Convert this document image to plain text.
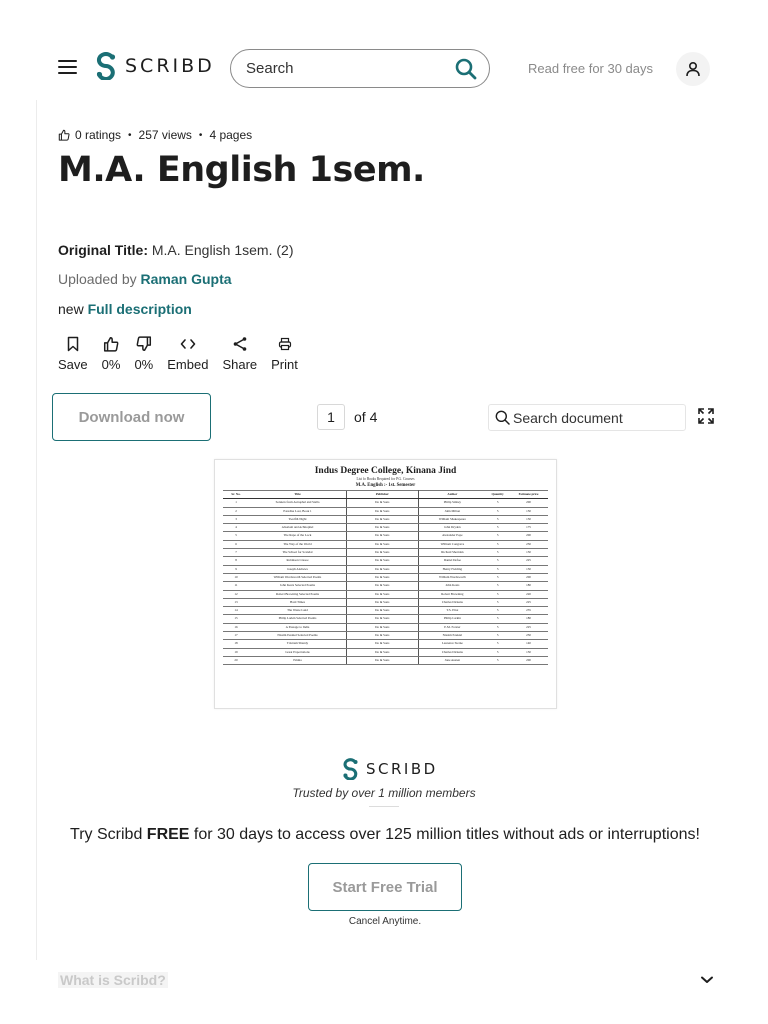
SCRIBD
Search	Read free for 30 days
0 ratings • 257 views • 4 pages
M.A. English 1sem.
Original Title: M.A. English 1sem. (2)
Uploaded by Raman Gupta
new Full description
Save 0% 0% Embed Share Print
Download now	1	of 4
Search document
Indus Degree College, Kinana Jind
List fo Books Required for P.G. Courses
M.A. English :- 1st. Semester
Sr. No.	Title	Publisher	Author	Quantity	Estimate price
1	Sonnets from Astrophel and Stella	Do & Sons	Philip Sidney	5	200
2	Paradise Lost, Book 1	Do & Sons	John Milton	5	150
3	Twelfth Night	Do & Sons	William Shakespeare	5	150
4	Absalom and Achitophel	Do & Sons	John Dryden	5	175
5	The Rape of the Lock	Do & Sons	Alexander Pope	5	200
6	The Way of the World	Do & Sons	William Congreve	5	250
7	The School for Scandal	Do & Sons	Richard Sheridan	5	150
8	Robinson Crusoe	Do & Sons	Daniel Defoe	5	225
9	Joseph Andrews	Do & Sons	Henry Fielding	5	150
10	William Wordsworth Selected Poems	Do & Sons	William Wordsworth	5	200
11	John Keats Selected Poems	Do & Sons	John Keats	5	180
12	Robert Browning Selected Poems	Do & Sons	Robert Browning	5	220
13	Hard Times	Do & Sons	Charles Dickens	5	225
14	The Waste Land	Do & Sons	T.S. Eliot	5	235
15	Philip Larkin Selected Poems	Do & Sons	Philip Larkin	5	180
16	A Passage to India	Do & Sons	E.M. Forster	5	225
17	Nissim Ezekiel Selected Poems	Do & Sons	Nissim Ezekiel	5	250
18	Tristram Shandy	Do & Sons	Laurence Sterne	5	140
19	Great Expectations	Do & Sons	Charles Dickens	5	150
20	Emma	Do & Sons	Jane Austen	5	200
SCRIBD
Trusted by over 1 million members
Try Scribd FREE for 30 days to access over 125 million titles without ads or interruptions!
Start Free Trial
Cancel Anytime.
What is Scribd?
